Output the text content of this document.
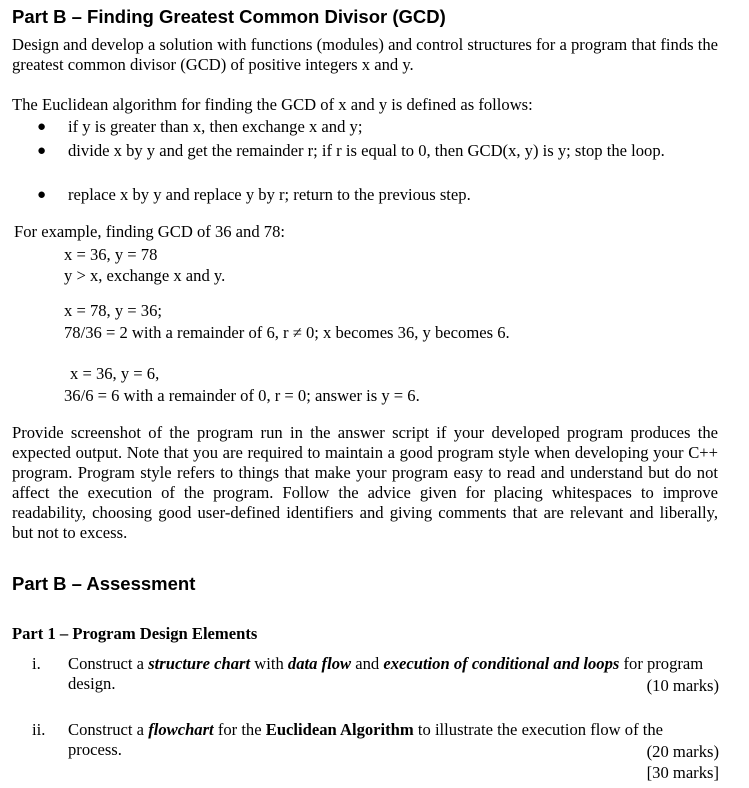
Part B – Finding Greatest Common Divisor (GCD)
Design and develop a solution with functions (modules) and control structures for a program that finds the greatest common divisor (GCD) of positive integers x and y.
The Euclidean algorithm for finding the GCD of x and y is defined as follows:
● if y is greater than x, then exchange x and y;
● divide x by y and get the remainder r; if r is equal to 0, then GCD(x, y) is y; stop the loop.
● replace x by y and replace y by r; return to the previous step.
For example, finding GCD of 36 and 78:
x = 36, y = 78
y > x, exchange x and y.
x = 78, y = 36;
78/36 = 2 with a remainder of 6, r ≠ 0; x becomes 36, y becomes 6.
x = 36, y = 6,
36/6 = 6 with a remainder of 0, r = 0; answer is y = 6.
Provide screenshot of the program run in the answer script if your developed program produces the expected output. Note that you are required to maintain a good program style when developing your C++ program. Program style refers to things that make your program easy to read and understand but do not affect the execution of the program. Follow the advice given for placing whitespaces to improve readability, choosing good user-defined identifiers and giving comments that are relevant and liberally, but not to excess.
Part B – Assessment
Part 1 – Program Design Elements
i. Construct a structure chart with data flow and execution of conditional and loops for program design.	(10 marks)
ii. Construct a flowchart for the Euclidean Algorithm to illustrate the execution flow of the process.	(20 marks)
[30 marks]
